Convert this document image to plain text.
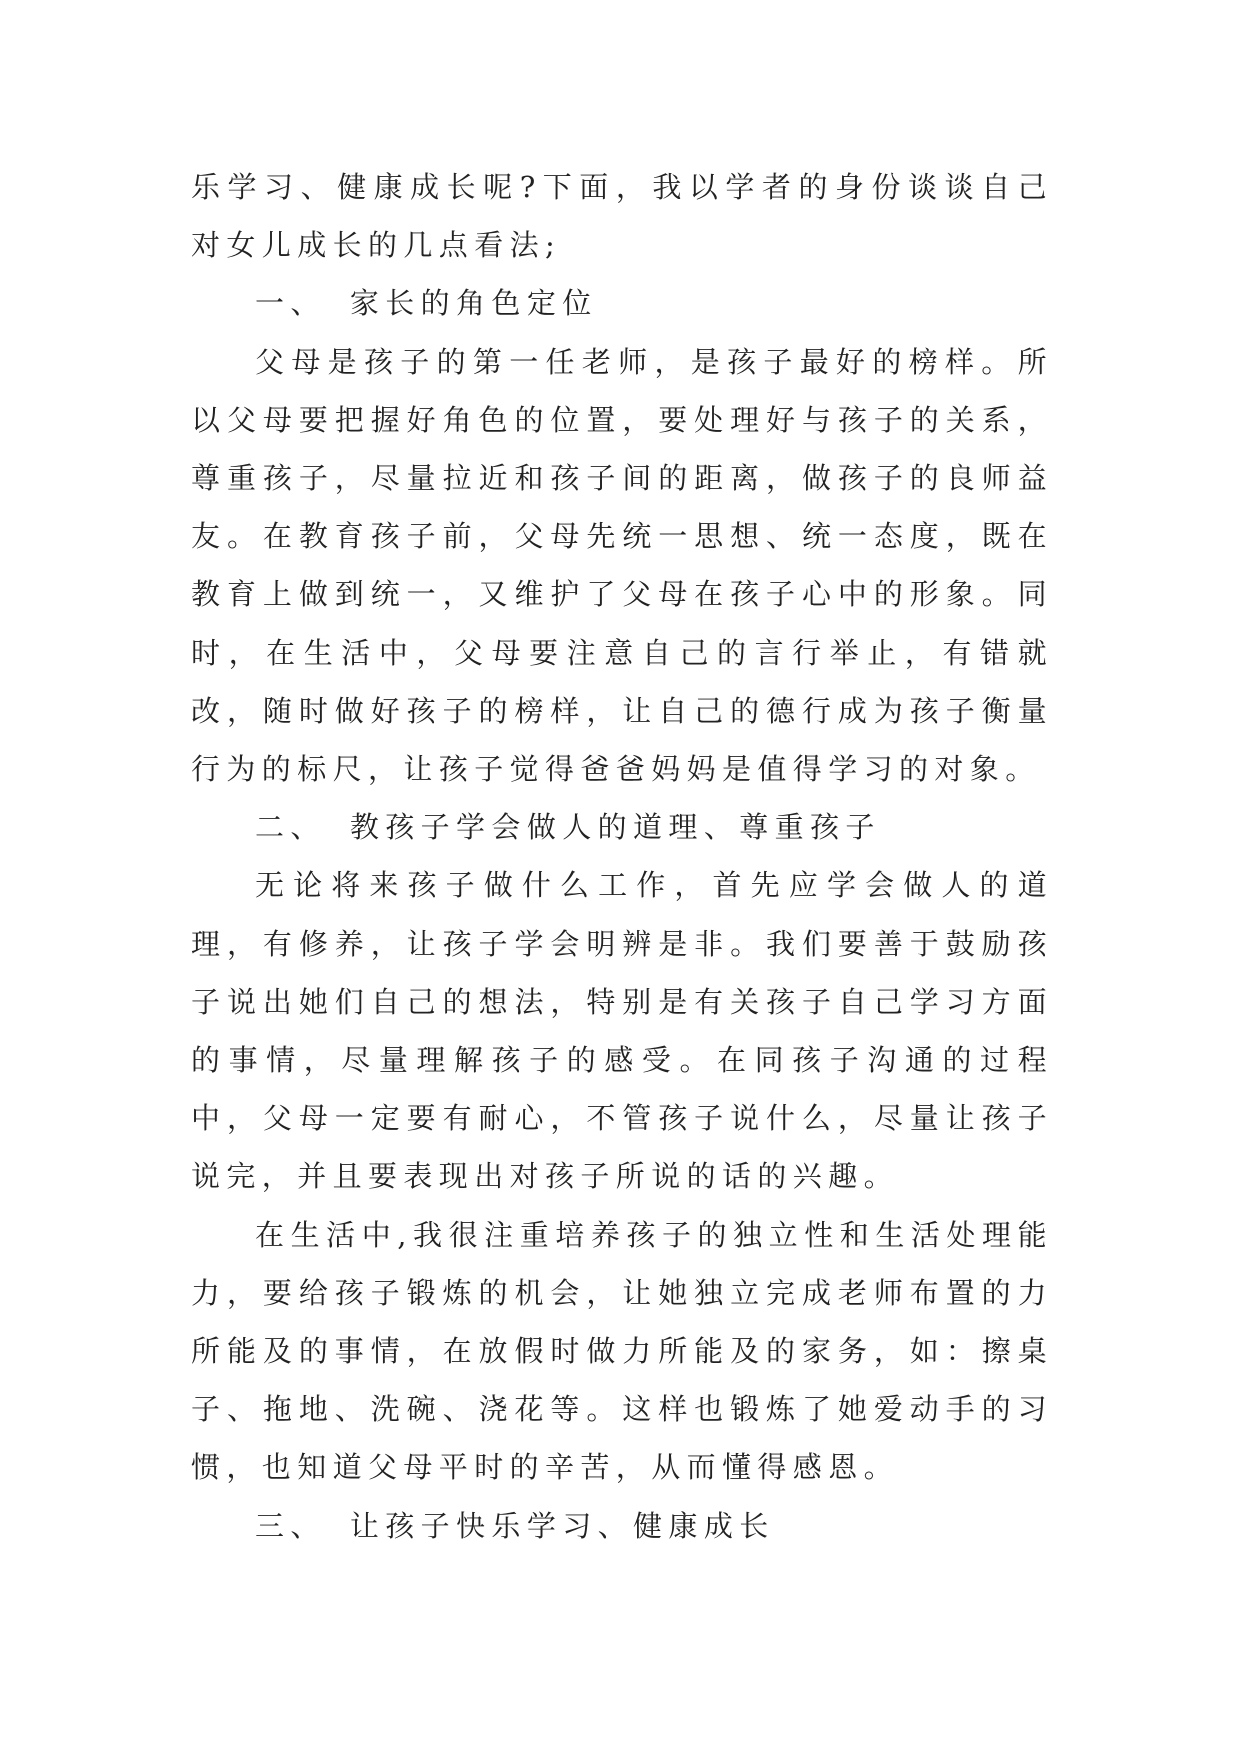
乐学习、健康成长呢?下面，我以学者的身份谈谈自己对女儿成长的几点看法;

一、 家长的角色定位

父母是孩子的第一任老师，是孩子最好的榜样。所以父母要把握好角色的位置，要处理好与孩子的关系，尊重孩子，尽量拉近和孩子间的距离，做孩子的良师益友。在教育孩子前，父母先统一思想、统一态度，既在教育上做到统一，又维护了父母在孩子心中的形象。同时，在生活中，父母要注意自己的言行举止，有错就改，随时做好孩子的榜样，让自己的德行成为孩子衡量行为的标尺，让孩子觉得爸爸妈妈是值得学习的对象。

二、 教孩子学会做人的道理、尊重孩子

无论将来孩子做什么工作，首先应学会做人的道理，有修养，让孩子学会明辨是非。我们要善于鼓励孩子说出她们自己的想法，特别是有关孩子自己学习方面的事情，尽量理解孩子的感受。在同孩子沟通的过程中，父母一定要有耐心，不管孩子说什么，尽量让孩子说完，并且要表现出对孩子所说的话的兴趣。

在生活中,我很注重培养孩子的独立性和生活处理能力，要给孩子锻炼的机会，让她独立完成老师布置的力所能及的事情，在放假时做力所能及的家务，如：擦桌子、拖地、洗碗、浇花等。这样也锻炼了她爱动手的习惯，也知道父母平时的辛苦，从而懂得感恩。

三、 让孩子快乐学习、健康成长
